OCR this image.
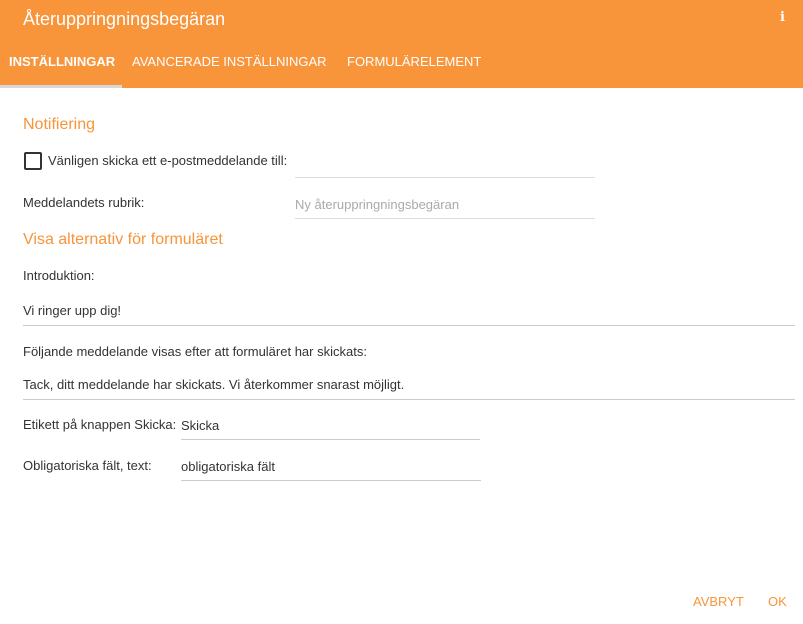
Återuppringningsbegäran	i
INSTÄLLNINGAR AVANCERADE INSTÄLLNINGAR FORMULÄRELEMENT
Notifiering
Vänligen skicka ett e-postmeddelande till:
Meddelandets rubrik:
Ny återuppringningsbegäran
Visa alternativ för formuläret
Introduktion:
Vi ringer upp dig!
Följande meddelande visas efter att formuläret har skickats:
Tack, ditt meddelande har skickats. Vi återkommer snarast möjligt.
Etikett på knappen Skicka:
Skicka
Obligatoriska fält, text:
obligatoriska fält
AVBRYT OK
